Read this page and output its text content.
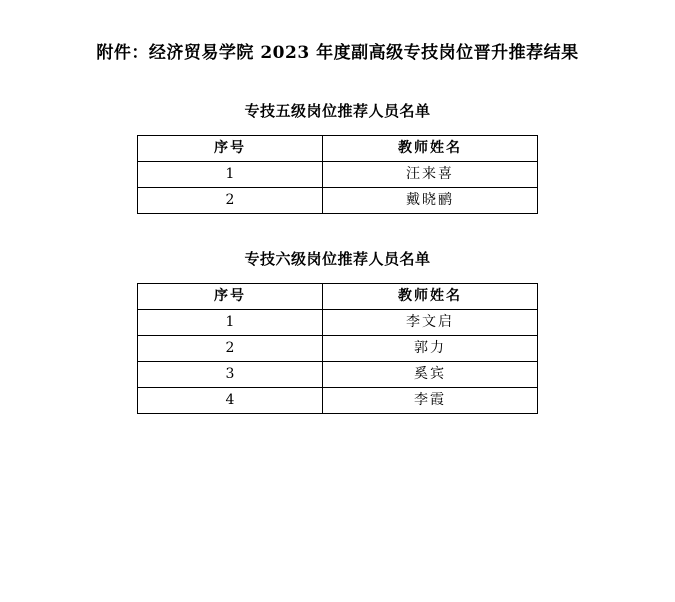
附件：经济贸易学院 2023 年度副高级专技岗位晋升推荐结果
专技五级岗位推荐人员名单
序号	教师姓名
1	汪来喜
2	戴晓鹂
专技六级岗位推荐人员名单
序号	教师姓名
1	李文启
2	郭力
3	奚宾
4	李霞
